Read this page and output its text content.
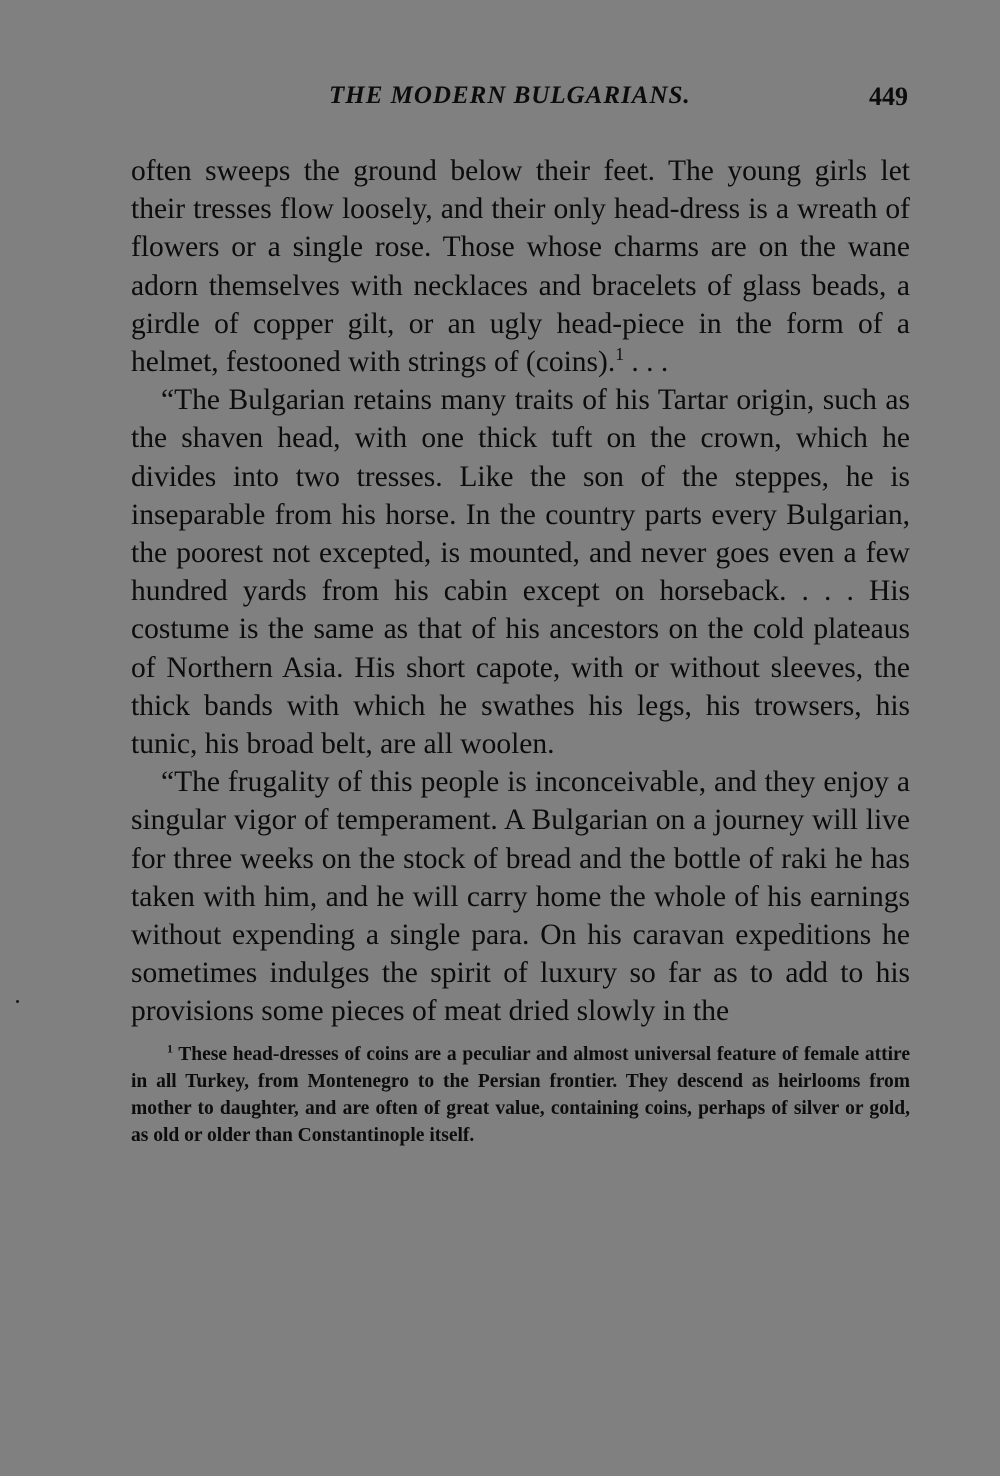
THE MODERN BULGARIANS.	449

often sweeps the ground below their feet. The young girls let their tresses flow loosely, and their only head-dress is a wreath of flowers or a single rose. Those whose charms are on the wane adorn themselves with necklaces and bracelets of glass beads, a girdle of copper gilt, or an ugly head-piece in the form of a helmet, festooned with strings of (coins).$^1$ . . .

“The Bulgarian retains many traits of his Tartar origin, such as the shaven head, with one thick tuft on the crown, which he divides into two tresses. Like the son of the steppes, he is inseparable from his horse. In the country parts every Bulgarian, the poorest not excepted, is mounted, and never goes even a few hundred yards from his cabin except on horseback. . . . His costume is the same as that of his ancestors on the cold plateaus of Northern Asia. His short capote, with or without sleeves, the thick bands with which he swathes his legs, his trowsers, his tunic, his broad belt, are all woolen.

“The frugality of this people is inconceivable, and they enjoy a singular vigor of temperament. A Bulgarian on a journey will live for three weeks on the stock of bread and the bottle of raki he has taken with him, and he will carry home the whole of his earnings without expending a single para. On his caravan expeditions he sometimes indulges the spirit of luxury so far as to add to his provisions some pieces of meat dried slowly in the

$^1$ These head-dresses of coins are a peculiar and almost universal feature of female attire in all Turkey, from Montenegro to the Persian frontier. They descend as heirlooms from mother to daughter, and are often of great value, containing coins, perhaps of silver or gold, as old or older than Constantinople itself.
